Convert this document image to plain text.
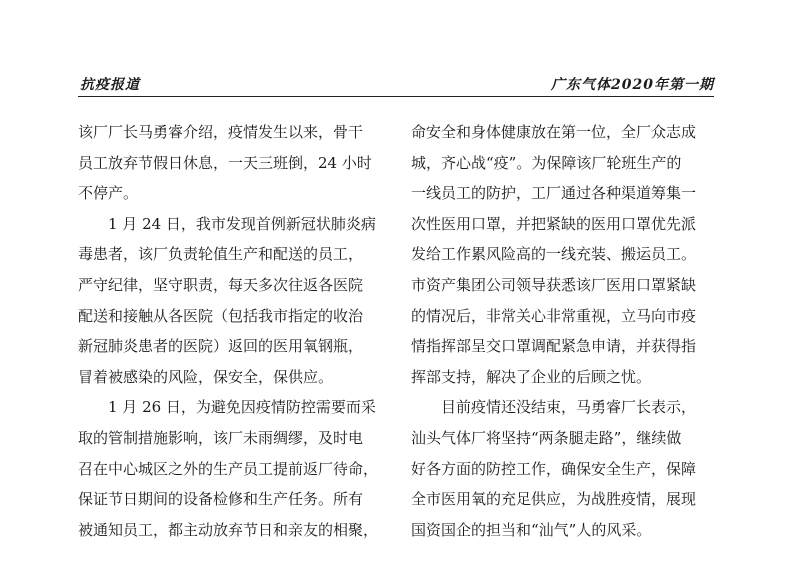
抗疫报道	广东气体2020年第一期
该厂厂长马勇睿介绍，疫情发生以来，骨干
员工放弃节假日休息，一天三班倒，24 小时
不停产。
1 月 24 日，我市发现首例新冠状肺炎病
毒患者，该厂负责轮值生产和配送的员工，
严守纪律，坚守职责，每天多次往返各医院
配送和接触从各医院（包括我市指定的收治
新冠肺炎患者的医院）返回的医用氧钢瓶，
冒着被感染的风险，保安全，保供应。
1 月 26 日，为避免因疫情防控需要而采
取的管制措施影响，该厂未雨绸缪，及时电
召在中心城区之外的生产员工提前返厂待命，
保证节日期间的设备检修和生产任务。所有
被通知员工，都主动放弃节日和亲友的相聚，
命安全和身体健康放在第一位，全厂众志成
城，齐心战“疫”。为保障该厂轮班生产的
一线员工的防护，工厂通过各种渠道筹集一
次性医用口罩，并把紧缺的医用口罩优先派
发给工作累风险高的一线充装、搬运员工。
市资产集团公司领导获悉该厂医用口罩紧缺
的情况后，非常关心非常重视，立马向市疫
情指挥部呈交口罩调配紧急申请，并获得指
挥部支持，解决了企业的后顾之忧。
目前疫情还没结束，马勇睿厂长表示，
汕头气体厂将坚持“两条腿走路”，继续做
好各方面的防控工作，确保安全生产，保障
全市医用氧的充足供应，为战胜疫情，展现
国资国企的担当和“汕气”人的风采。
